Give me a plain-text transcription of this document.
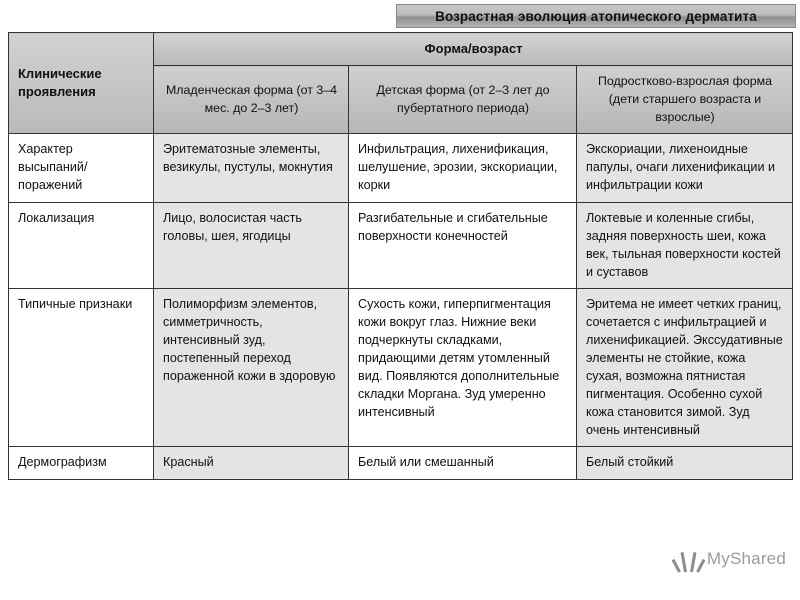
Возрастная эволюция атопического дерматита
Клинические проявления	Форма/возраст		
	Младенческая форма (от 3–4 мес. до 2–3 лет)	Детская форма (от 2–3 лет до пубертатного периода)	Подростково-взрослая форма (дети старшего возраста и взрослые)
Характер высыпаний/поражений	Эритематозные элементы, везикулы, пустулы, мокнутия	Инфильтрация, лихенификация, шелушение, эрозии, экскориации, корки	Экскориации, лихеноидные папулы, очаги лихенификации и инфильтрации кожи
Локализация	Лицо, волосистая часть головы, шея, ягодицы	Разгибательные и сгибательные поверхности конечностей	Локтевые и коленные сгибы, задняя поверхность шеи, кожа век, тыльная поверхности костей и суставов
Типичные признаки	Полиморфизм элементов, симметричность, интенсивный зуд, постепенный переход пораженной кожи в здоровую	Сухость кожи, гиперпигментация кожи вокруг глаз. Нижние веки подчеркнуты складками, придающими детям утомленный вид. Появляются дополнительные складки Моргана. Зуд умеренно интенсивный	Эритема не имеет четких границ, сочетается с инфильтрацией и лихенификацией. Экссудативные элементы не стойкие, кожа сухая, возможна пятнистая пигментация. Особенно сухой кожа становится зимой. Зуд очень интенсивный
Дермографизм	Красный	Белый или смешанный	Белый стойкий
MyShared
